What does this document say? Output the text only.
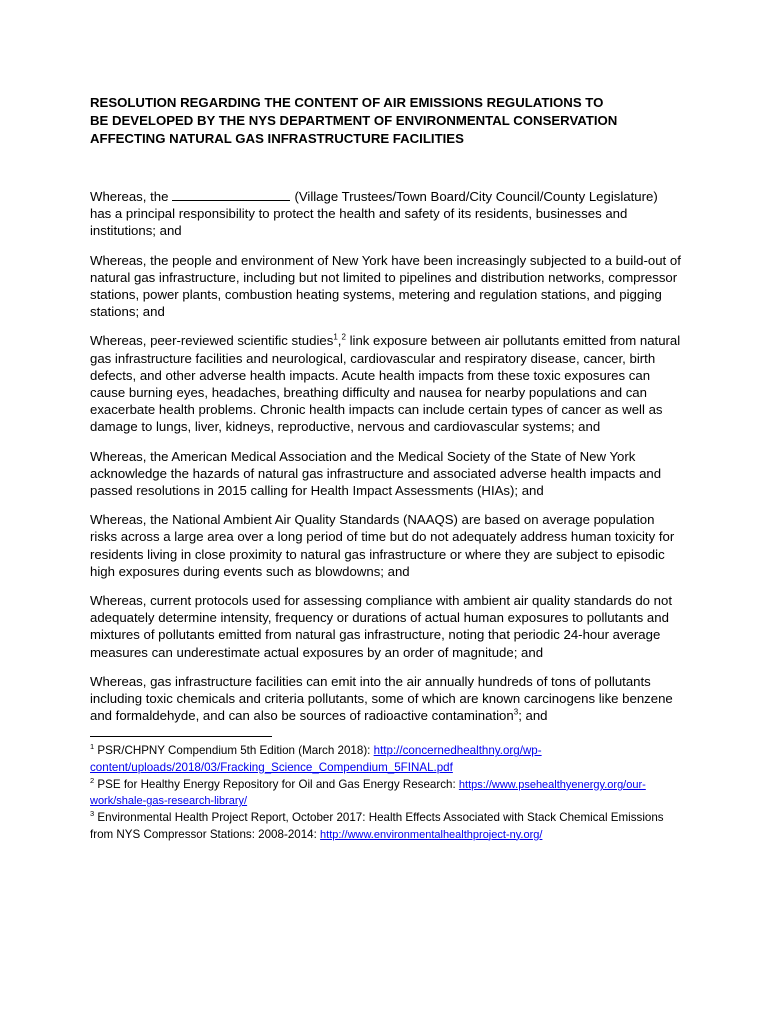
RESOLUTION REGARDING THE CONTENT OF AIR EMISSIONS REGULATIONS TO
BE DEVELOPED BY THE NYS DEPARTMENT OF ENVIRONMENTAL CONSERVATION
AFFECTING NATURAL GAS INFRASTRUCTURE FACILITIES

Whereas, the	(Village Trustees/Town Board/City Council/County Legislature) has a principal responsibility to protect the health and safety of its residents, businesses and institutions; and

Whereas, the people and environment of New York have been increasingly subjected to a build-out of natural gas infrastructure, including but not limited to pipelines and distribution networks, compressor stations, power plants, combustion heating systems, metering and regulation stations, and pigging stations; and

Whereas, peer-reviewed scientific studies$^1$,$^2$ link exposure between air pollutants emitted from natural gas infrastructure facilities and neurological, cardiovascular and respiratory disease, cancer, birth defects, and other adverse health impacts. Acute health impacts from these toxic exposures can cause burning eyes, headaches, breathing difficulty and nausea for nearby populations and can exacerbate health problems. Chronic health impacts can include certain types of cancer as well as damage to lungs, liver, kidneys, reproductive, nervous and cardiovascular systems; and

Whereas, the American Medical Association and the Medical Society of the State of New York acknowledge the hazards of natural gas infrastructure and associated adverse health impacts and passed resolutions in 2015 calling for Health Impact Assessments (HIAs); and

Whereas, the National Ambient Air Quality Standards (NAAQS) are based on average population risks across a large area over a long period of time but do not adequately address human toxicity for residents living in close proximity to natural gas infrastructure or where they are subject to episodic high exposures during events such as blowdowns; and

Whereas, current protocols used for assessing compliance with ambient air quality standards do not adequately determine intensity, frequency or durations of actual human exposures to pollutants and mixtures of pollutants emitted from natural gas infrastructure, noting that periodic 24-hour average measures can underestimate actual exposures by an order of magnitude; and

Whereas, gas infrastructure facilities can emit into the air annually hundreds of tons of pollutants including toxic chemicals and criteria pollutants, some of which are known carcinogens like benzene and formaldehyde, and can also be sources of radioactive contamination$^3$; and

$^1$ PSR/CHPNY Compendium 5th Edition (March 2018): http://concernedhealthny.org/wp-content/uploads/2018/03/Fracking_Science_Compendium_5FINAL.pdf

$^2$ PSE for Healthy Energy Repository for Oil and Gas Energy Research: https://www.psehealthyenergy.org/our-work/shale-gas-research-library/

$^3$ Environmental Health Project Report, October 2017: Health Effects Associated with Stack Chemical Emissions from NYS Compressor Stations: 2008-2014: http://www.environmentalhealthproject-ny.org/
